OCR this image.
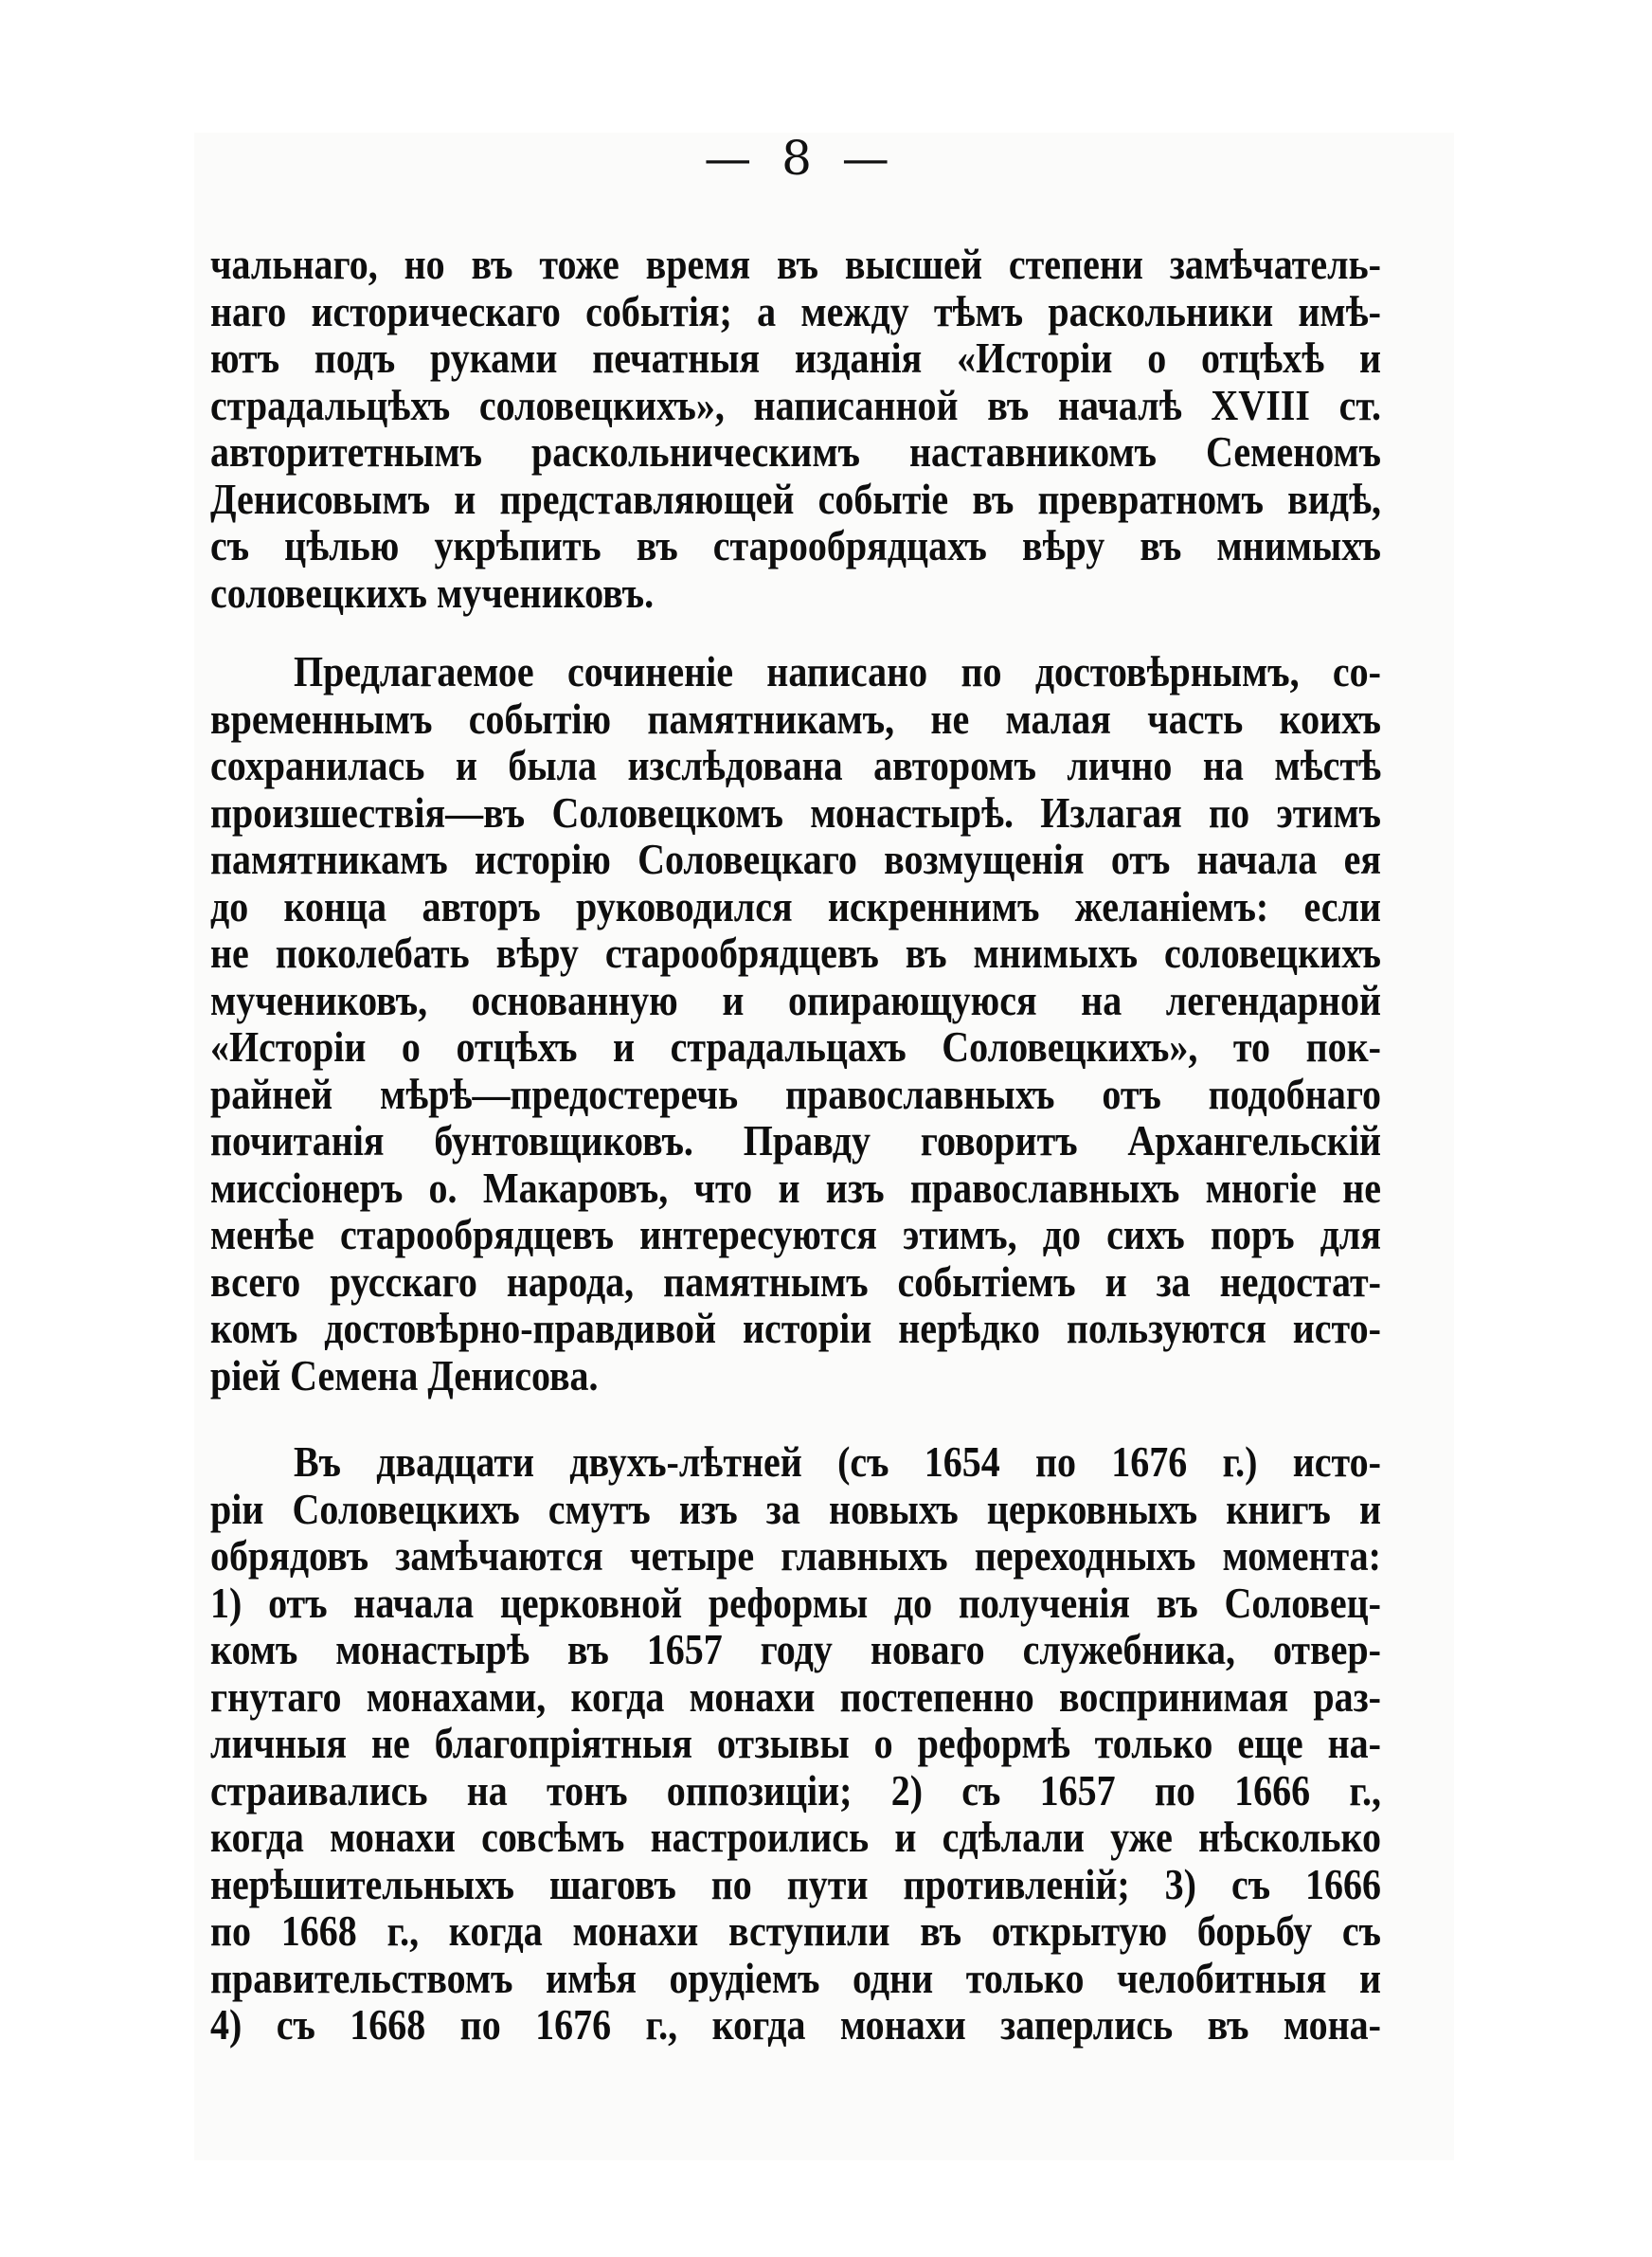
— 8 —
чальнаго, но въ тоже время въ высшей степени замѣчатель-
наго историческаго событія; а между тѣмъ раскольники имѣ-
ютъ подъ руками печатныя изданія «Исторіи о отцѣхѣ и
страдальцѣхъ соловецкихъ», написанной въ началѣ XVIII ст.
авторитетнымъ раскольническимъ наставникомъ Семеномъ
Денисовымъ и представляющей событіе въ превратномъ видѣ,
съ цѣлью укрѣпить въ старообрядцахъ вѣру въ мнимыхъ
соловецкихъ мучениковъ.
Предлагаемое сочиненіе написано по достовѣрнымъ, со-
временнымъ событію памятникамъ, не малая часть коихъ
сохранилась и была изслѣдована авторомъ лично на мѣстѣ
произшествія—въ Соловецкомъ монастырѣ. Излагая по этимъ
памятникамъ исторію Соловецкаго возмущенія отъ начала ея
до конца авторъ руководился искреннимъ желаніемъ: если
не поколебать вѣру старообрядцевъ въ мнимыхъ соловецкихъ
мучениковъ, основанную и опирающуюся на легендарной
«Исторіи о отцѣхъ и страдальцахъ Соловецкихъ», то пок-
райней мѣрѣ—предостеречь православныхъ отъ подобнаго
почитанія бунтовщиковъ. Правду говоритъ Архангельскій
миссіонеръ о. Макаровъ, что и изъ православныхъ многіе не
менѣе старообрядцевъ интересуются этимъ, до сихъ поръ для
всего русскаго народа, памятнымъ событіемъ и за недостат-
комъ достовѣрно-правдивой исторіи нерѣдко пользуются исто-
ріей Семена Денисова.
Въ двадцати двухъ-лѣтней (съ 1654 по 1676 г.) исто-
ріи Соловецкихъ смутъ изъ за новыхъ церковныхъ книгъ и
обрядовъ замѣчаются четыре главныхъ переходныхъ момента:
1) отъ начала церковной реформы до полученія въ Соловец-
комъ монастырѣ въ 1657 году новаго служебника, отвер-
гнутаго монахами, когда монахи постепенно воспринимая раз-
личныя не благопріятныя отзывы о реформѣ только еще на-
страивались на тонъ оппозиціи; 2) съ 1657 по 1666 г.,
когда монахи совсѣмъ настроились и сдѣлали уже нѣсколько
нерѣшительныхъ шаговъ по пути противленій; 3) съ 1666
по 1668 г., когда монахи вступили въ открытую борьбу съ
правительствомъ имѣя орудіемъ одни только челобитныя и
4) съ 1668 по 1676 г., когда монахи заперлись въ мона-
